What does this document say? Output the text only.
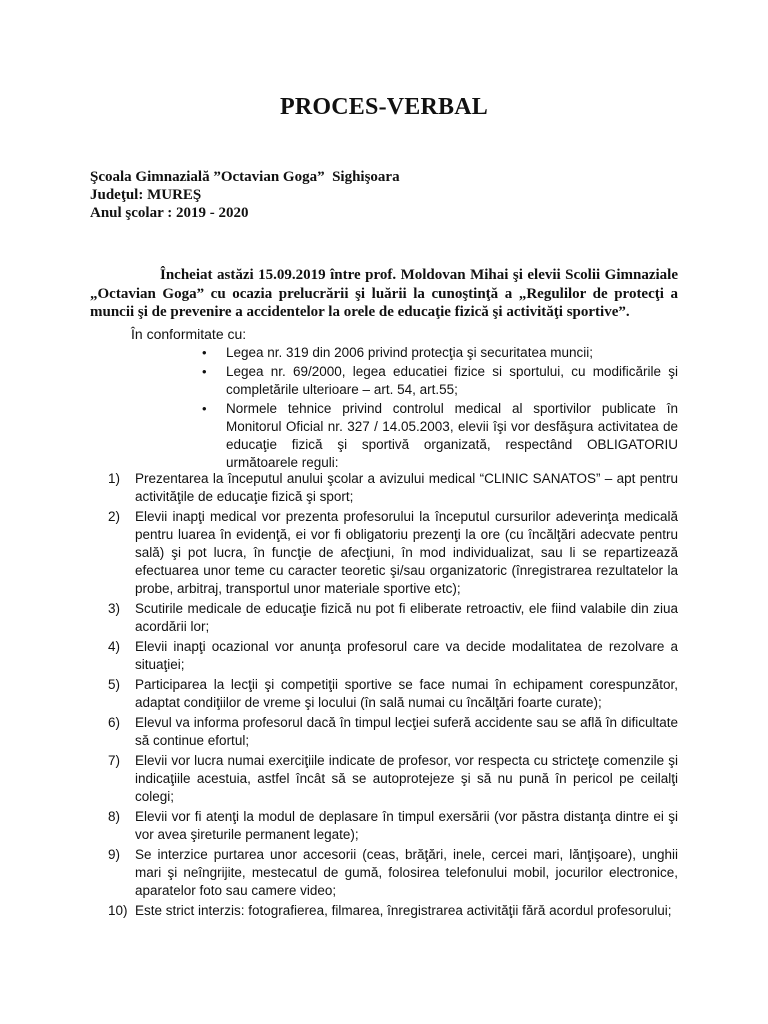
PROCES-VERBAL
Şcoala Gimnazială ”Octavian Goga”  Sighişoara
Judeţul: MUREŞ
Anul şcolar : 2019 - 2020
Încheiat astăzi 15.09.2019 între prof. Moldovan Mihai şi elevii Scolii Gimnaziale „Octavian Goga” cu ocazia prelucrării şi luării la cunoştinţă a „Regulilor de protecţi a muncii şi de prevenire a accidentelor la orele de educaţie fizică şi activităţi sportive”.
În conformitate cu:
• Legea nr. 319 din 2006 privind protecţia şi securitatea muncii;
• Legea nr. 69/2000, legea educatiei fizice si sportului, cu modificările şi completările ulterioare – art. 54, art.55;
• Normele tehnice privind controlul medical al sportivilor publicate în Monitorul Oficial nr. 327 / 14.05.2003, elevii îşi vor desfăşura activitatea de educaţie fizică şi sportivă organizată, respectând OBLIGATORIU următoarele reguli:
1) Prezentarea la începutul anului şcolar a avizului medical “CLINIC SANATOS” – apt pentru activităţile de educaţie fizică şi sport;
2) Elevii inapţi medical vor prezenta profesorului la începutul cursurilor adeverinţa medicală pentru luarea în evidenţă, ei vor fi obligatoriu prezenţi la ore (cu încălţări adecvate pentru sală) şi pot lucra, în funcţie de afecţiuni, în mod individualizat, sau li se repartizează efectuarea unor teme cu caracter teoretic şi/sau organizatoric (înregistrarea rezultatelor la probe, arbitraj, transportul unor materiale sportive etc);
3) Scutirile medicale de educaţie fizică nu pot fi eliberate retroactiv, ele fiind valabile din ziua acordării lor;
4) Elevii inapţi ocazional vor anunţa profesorul care va decide modalitatea de rezolvare a situaţiei;
5) Participarea la lecţii şi competiţii sportive se face numai în echipament corespunzător, adaptat condiţiilor de vreme şi locului (în sală numai cu încălţări foarte curate);
6) Elevul va informa profesorul dacă în timpul lecţiei suferă accidente sau se află în dificultate să continue efortul;
7) Elevii vor lucra numai exerciţiile indicate de profesor, vor respecta cu stricteţe comenzile şi indicaţiile acestuia, astfel încât să se autoprotejeze şi să nu pună în pericol pe ceilalţi colegi;
8) Elevii vor fi atenţi la modul de deplasare în timpul exersării (vor păstra distanţa dintre ei şi vor avea şireturile permanent legate);
9) Se interzice purtarea unor accesorii (ceas, brăţări, inele, cercei mari, lănţişoare), unghii mari şi neîngrijite, mestecatul de gumă, folosirea telefonului mobil, jocurilor electronice, aparatelor foto sau camere video;
10) Este strict interzis: fotografierea, filmarea, înregistrarea activităţii fără acordul profesorului;
